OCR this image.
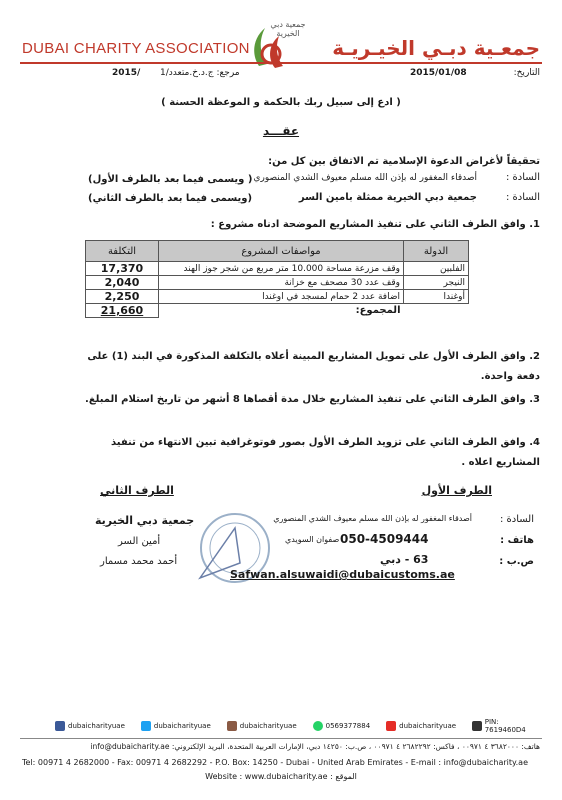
DUBAI CHARITY ASSOCIATION
جمعية دبي الخيرية
جمعـية دبـي الخيـريـة
2015/ مرجع: ج.د.خ.متعدد/1	2015/01/08	التاريخ:
( ادع إلى سبيل ربك بالحكمة و الموعظة الحسنة )
عقـــد
تحقيقاً لأغراض الدعوة الإسلامية تم الاتفاق بين كل من:
السادة :
أصدقاء المغفور له بإذن الله مسلم معيوف الشدي المنصوري
( ويسمى فيما بعد بالطرف الأول)
السادة :
جمعية دبي الخيرية ممثلة بامين السر
(ويسمى فيما بعد بالطرف الثاني)
1. وافق الطرف الثاني على تنفيذ المشاريع الموضحة ادناه مشروع :
التكلفة	مواصفات المشروع	الدولة
17,370	وقف مزرعة مساحة 10.000 متر مربع من شجر جوز الهند	الفلبين
2,040	وقف عدد 30 مصحف مع خزانة	النيجر
2,250	اضافة عدد 2 حمام لمسجد في اوغندا	أوغندا
21,660	المجموع:	
2. وافق الطرف الأول على تمويل المشاريع المبينة أعلاه بالتكلفة المذكورة في البند (1) على دفعة واحدة.
3. وافق الطرف الثاني على تنفيذ المشاريع خلال مدة أقصاها 8 أشهر من تاريخ استلام المبلغ.
4. وافق الطرف الثاني على تزويد الطرف الأول بصور فوتوغرافية تبين الانتهاء من تنفيذ المشاريع اعلاه .
الطرف الأول
الطرف الثاني
السادة :
أصدقاء المغفور له بإذن الله مسلم معيوف الشدي المنصوري
هاتف :
050-4509444
صفوان السويدي
ص.ب :
63 - دبي
جمعية دبي الخيرية
أمين السر
أحمد محمد مسمار
Safwan.alsuwaidi@dubaicustoms.ae
dubaicharityuae	dubaicharityuae	dubaicharityuae	0569377884	dubaicharityuae	PIN: 7619460D4
هاتف: ٣٦٨٢٠٠٠ ٤ ٠٠٩٧١ ، فاكس: ٢٦٨٢٢٩٢ ٤ ٠٠٩٧١ ، ص.ب: ١٤٢٥٠ دبي، الإمارات العربية المتحدة، البريد الإلكتروني: info@dubaicharity.ae
Tel: 00971 4 2682000 - Fax: 00971 4 2682292 - P.O. Box: 14250 - Dubai - United Arab Emirates - E-mail : info@dubaicharity.ae
Website : www.dubaicharity.ae : الموقع
